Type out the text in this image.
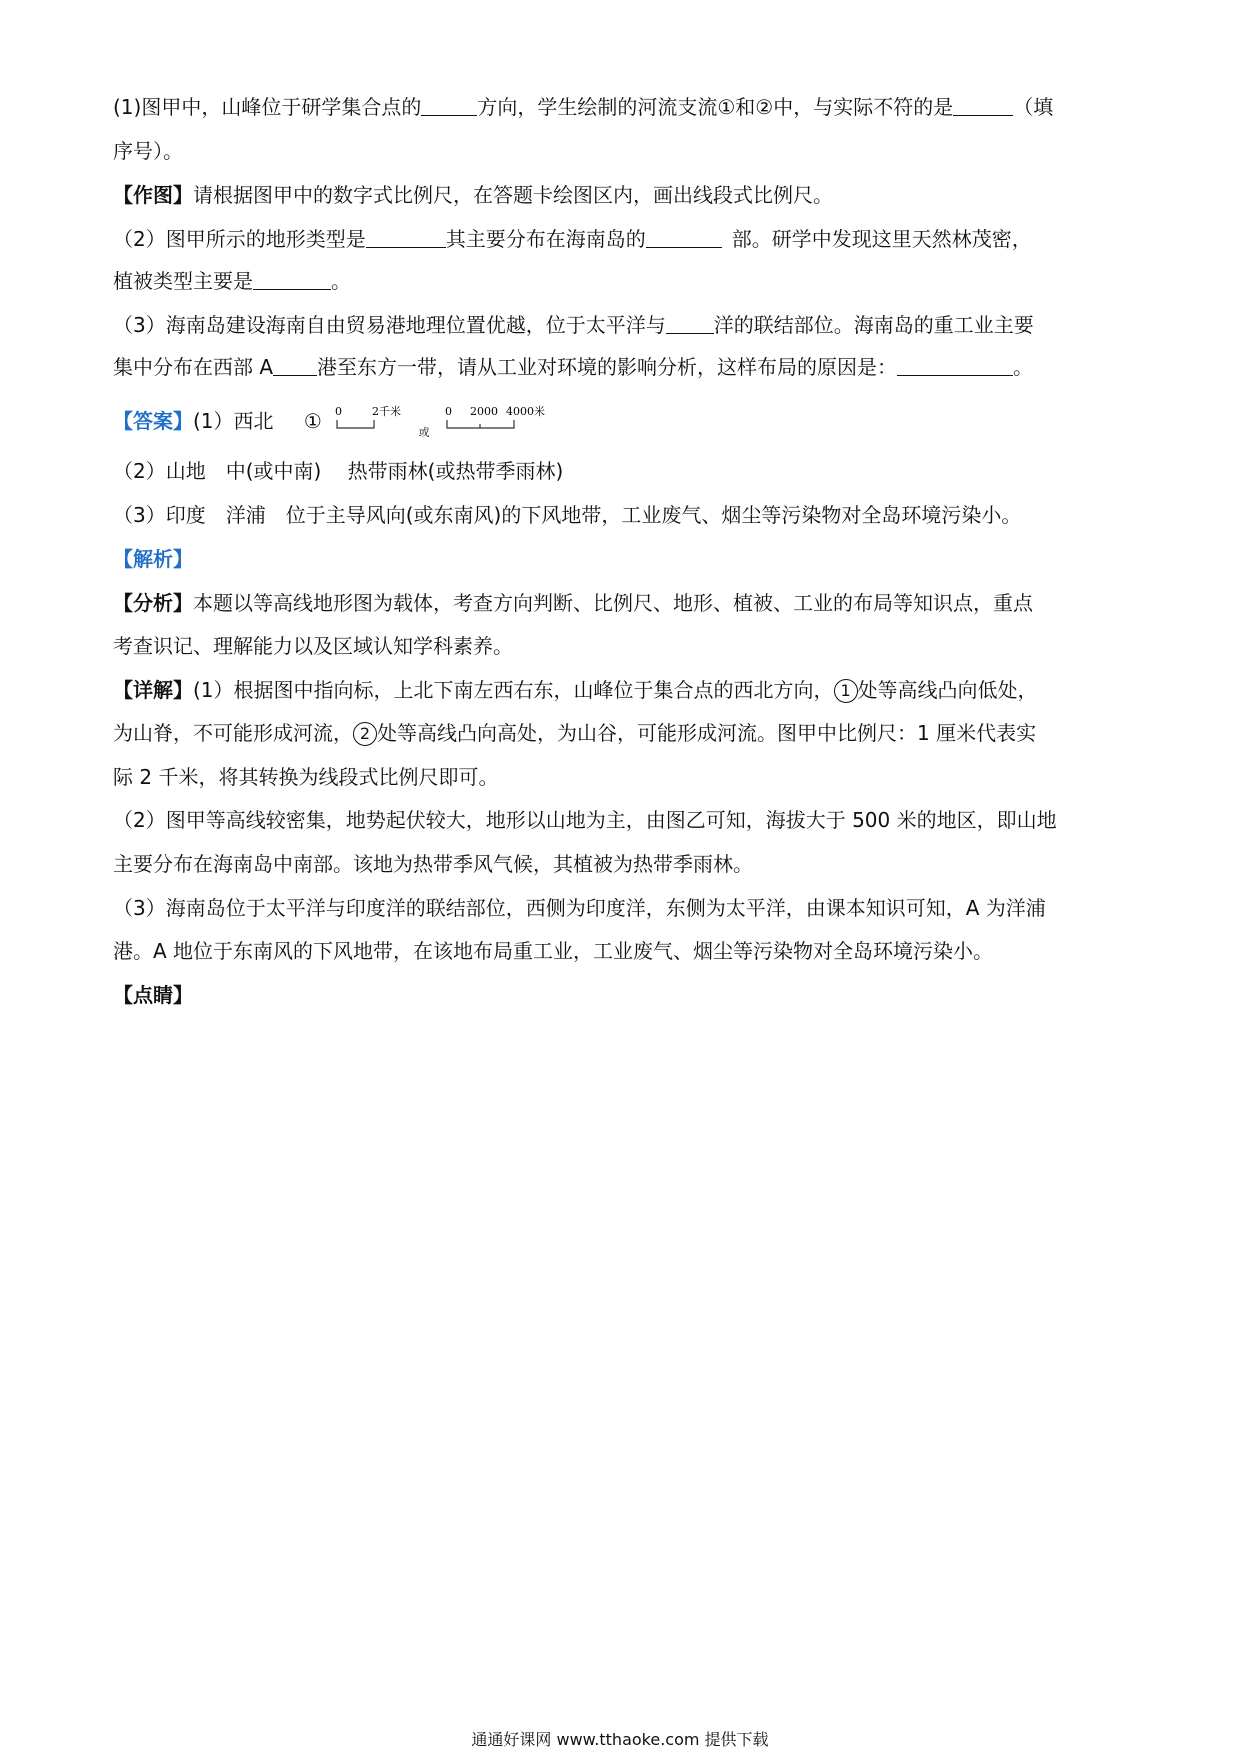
(1)图甲中，山峰位于研学集合点的	方向，学生绘制的河流支流①和②中，与实际不符的是	（填
序号）。
【作图】请根据图甲中的数字式比例尺，在答题卡绘图区内，画出线段式比例尺。
（2）图甲所示的地形类型是	其主要分布在海南岛的	部。研学中发现这里天然林茂密，
植被类型主要是	。
（3）海南岛建设海南自由贸易港地理位置优越，位于太平洋与 洋的联结部位。海南岛的重工业主要
集中分布在西部 A 港至东方一带，请从工业对环境的影响分析，这样布局的原因是：	。
【答案】(1）西北 ① 0	2千米
$_或$
0 2000 4000米
（2）山地　中(或中南)　 热带雨林(或热带季雨林)
（3）印度　洋浦　位于主导风向(或东南风)的下风地带，工业废气、烟尘等污染物对全岛环境污染小。
【解析】
【分析】本题以等高线地形图为载体，考查方向判断、比例尺、地形、植被、工业的布局等知识点，重点
考查识记、理解能力以及区域认知学科素养。
【详解】(1）根据图中指向标，上北下南左西右东，山峰位于集合点的西北方向， 1 处等高线凸向低处，
为山脊，不可能形成河流， 2 处等高线凸向高处，为山谷，可能形成河流。图甲中比例尺：1 厘米代表实
际 2 千米，将其转换为线段式比例尺即可。
（2）图甲等高线较密集，地势起伏较大，地形以山地为主，由图乙可知，海拔大于 500 米的地区，即山地
主要分布在海南岛中南部。该地为热带季风气候，其植被为热带季雨林。
（3）海南岛位于太平洋与印度洋的联结部位，西侧为印度洋，东侧为太平洋，由课本知识可知，A 为洋浦
港。A 地位于东南风的下风地带，在该地布局重工业，工业废气、烟尘等污染物对全岛环境污染小。
【点睛】
通通好课网 www.tthaoke.com 提供下载
